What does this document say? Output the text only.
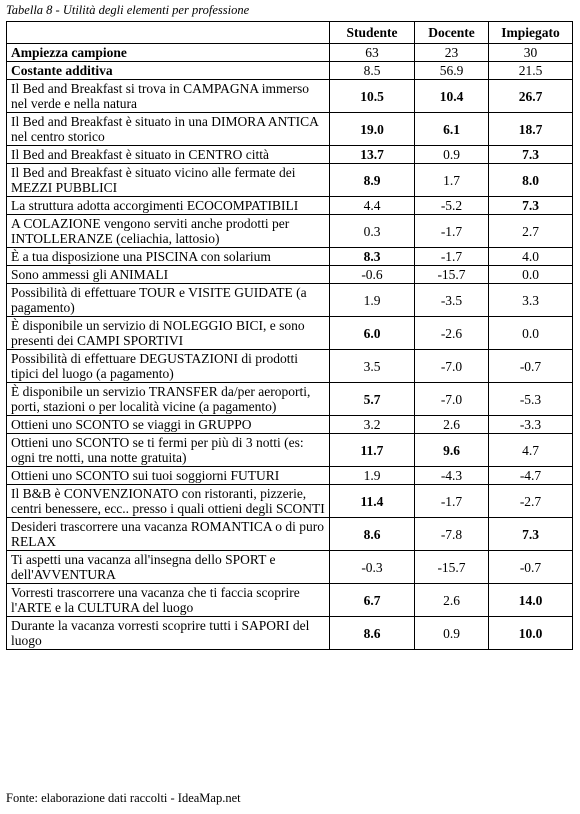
Tabella 8 - Utilità degli elementi per professione
	Studente	Docente	Impiegato
Ampiezza campione	63	23	30
Costante additiva	8.5	56.9	21.5
Il Bed and Breakfast si trova in CAMPAGNA immerso nel verde e nella natura	10.5	10.4	26.7
Il Bed and Breakfast è situato in una DIMORA ANTICA nel centro storico	19.0	6.1	18.7
Il Bed and Breakfast è situato in CENTRO città	13.7	0.9	7.3
Il Bed and Breakfast è situato vicino alle fermate dei MEZZI PUBBLICI	8.9	1.7	8.0
La struttura adotta accorgimenti ECOCOMPATIBILI	4.4	-5.2	7.3
A COLAZIONE vengono serviti anche prodotti per INTOLLERANZE (celiachia, lattosio)	0.3	-1.7	2.7
È a tua disposizione una PISCINA con solarium	8.3	-1.7	4.0
Sono ammessi gli ANIMALI	-0.6	-15.7	0.0
Possibilità di effettuare TOUR e VISITE GUIDATE (a pagamento)	1.9	-3.5	3.3
È disponibile un servizio di NOLEGGIO BICI, e sono presenti dei CAMPI SPORTIVI	6.0	-2.6	0.0
Possibilità di effettuare DEGUSTAZIONI di prodotti tipici del luogo (a pagamento)	3.5	-7.0	-0.7
È disponibile un servizio TRANSFER da/per aeroporti, porti, stazioni o per località vicine (a pagamento)	5.7	-7.0	-5.3
Ottieni uno SCONTO se viaggi in GRUPPO	3.2	2.6	-3.3
Ottieni uno SCONTO se ti fermi per più di 3 notti (es: ogni tre notti, una notte gratuita)	11.7	9.6	4.7
Ottieni uno SCONTO sui tuoi soggiorni FUTURI	1.9	-4.3	-4.7
Il B&B è CONVENZIONATO con ristoranti, pizzerie, centri benessere, ecc.. presso i quali ottieni degli SCONTI	11.4	-1.7	-2.7
Desideri trascorrere una vacanza ROMANTICA o di puro RELAX	8.6	-7.8	7.3
Ti aspetti una vacanza all'insegna dello SPORT e dell'AVVENTURA	-0.3	-15.7	-0.7
Vorresti trascorrere una vacanza che ti faccia scoprire l'ARTE e la CULTURA del luogo	6.7	2.6	14.0
Durante la vacanza vorresti scoprire tutti i SAPORI del luogo	8.6	0.9	10.0
Fonte: elaborazione dati raccolti - IdeaMap.net
